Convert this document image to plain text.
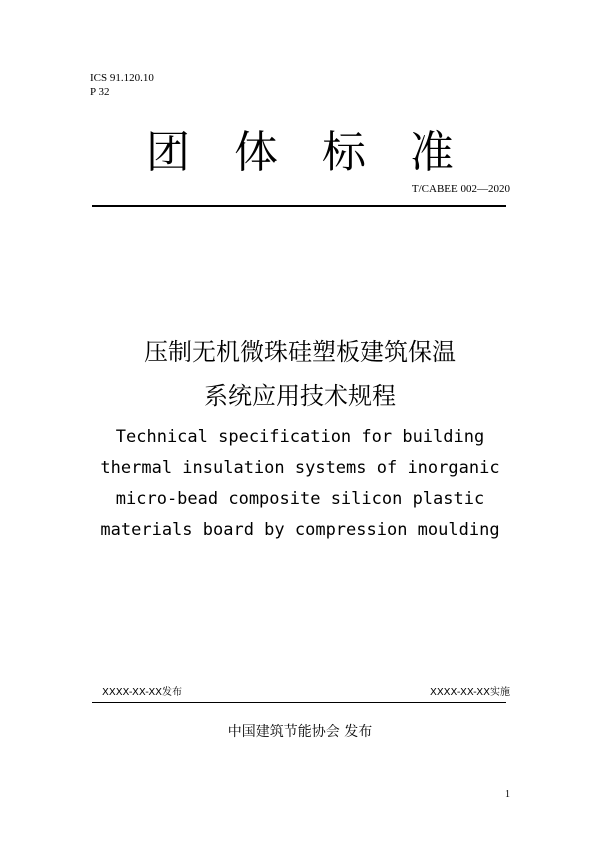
ICS 91.120.10
P 32
团体标准
T/CABEE 002—2020
压制无机微珠硅塑板建筑保温
系统应用技术规程
Technical specification for building
thermal insulation systems of inorganic
micro-bead composite silicon plastic
materials board by compression moulding
XXXX-XX-XX发布	XXXX-XX-XX实施
中国建筑节能协会 发布
1
